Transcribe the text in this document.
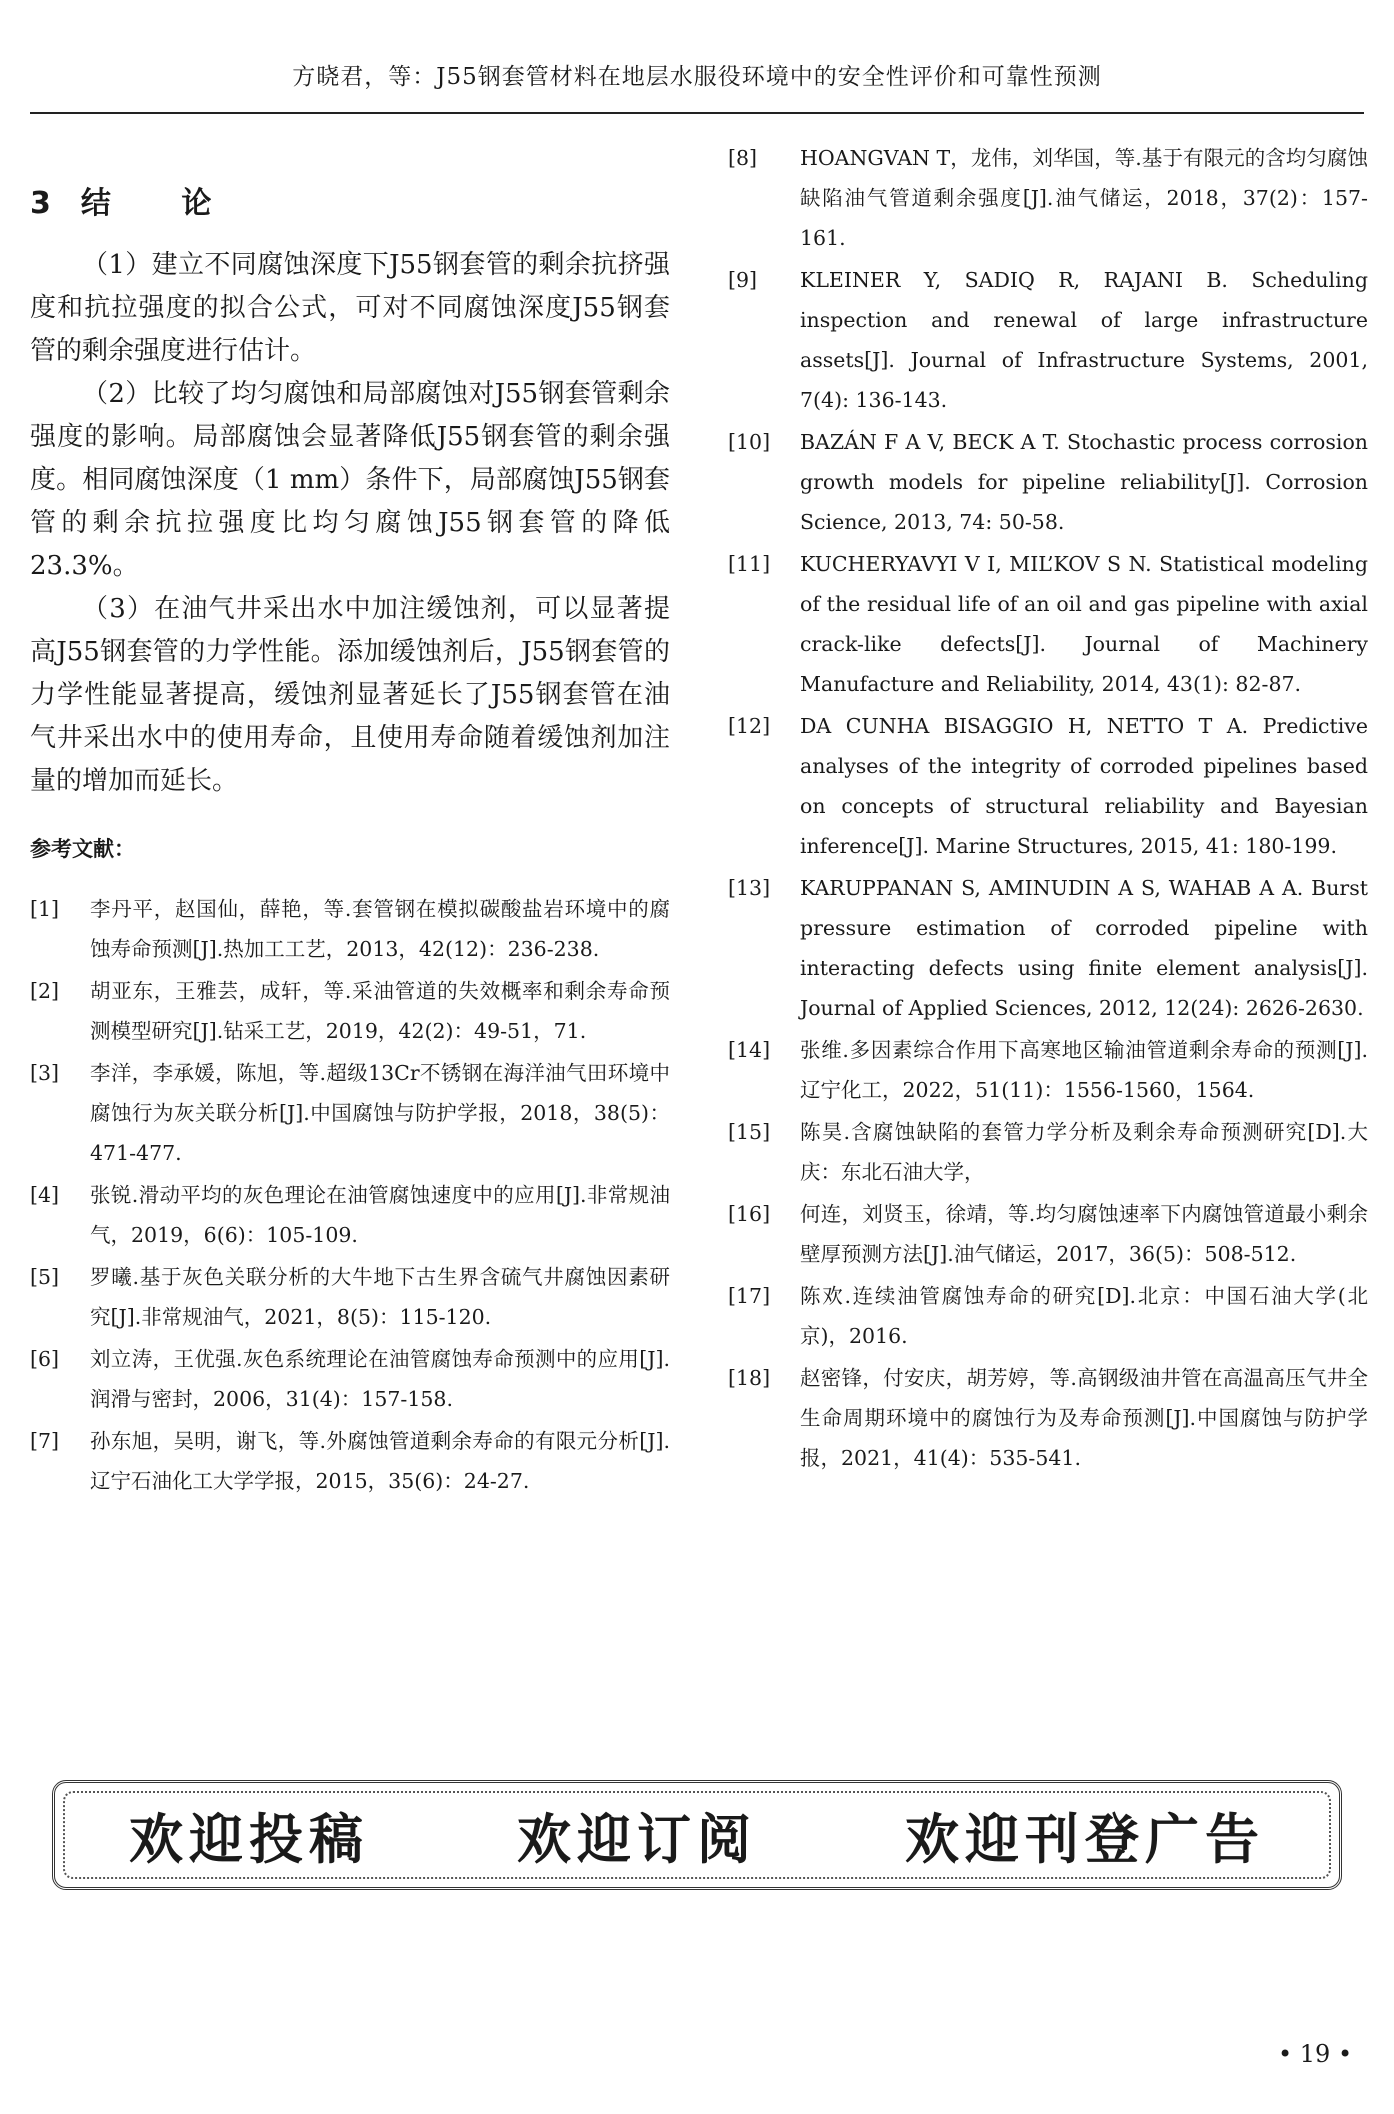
方晓君，等：J55钢套管材料在地层水服役环境中的安全性评价和可靠性预测
3 结 论

（1）建立不同腐蚀深度下J55钢套管的剩余抗挤强度和抗拉强度的拟合公式，可对不同腐蚀深度J55钢套管的剩余强度进行估计。

（2）比较了均匀腐蚀和局部腐蚀对J55钢套管剩余强度的影响。局部腐蚀会显著降低J55钢套管的剩余强度。相同腐蚀深度（1 mm）条件下，局部腐蚀J55钢套管的剩余抗拉强度比均匀腐蚀J55钢套管的降低23.3%。

（3）在油气井采出水中加注缓蚀剂，可以显著提高J55钢套管的力学性能。添加缓蚀剂后，J55钢套管的力学性能显著提高，缓蚀剂显著延长了J55钢套管在油气井采出水中的使用寿命，且使用寿命随着缓蚀剂加注量的增加而延长。

参考文献：
[1]	李丹平，赵国仙，薛艳，等.套管钢在模拟碳酸盐岩环境中的腐蚀寿命预测[J].热加工工艺，2013，42(12)：236-238.
[2]	胡亚东，王雅芸，成轩，等.采油管道的失效概率和剩余寿命预测模型研究[J].钻采工艺，2019，42(2)：49-51，71.
[3]	李洋，李承媛，陈旭，等.超级13Cr不锈钢在海洋油气田环境中腐蚀行为灰关联分析[J].中国腐蚀与防护学报，2018，38(5)：471-477.
[4]	张锐.滑动平均的灰色理论在油管腐蚀速度中的应用[J].非常规油气，2019，6(6)：105-109.
[5]	罗曦.基于灰色关联分析的大牛地下古生界含硫气井腐蚀因素研究[J].非常规油气，2021，8(5)：115-120.
[6]	刘立涛，王优强.灰色系统理论在油管腐蚀寿命预测中的应用[J].润滑与密封，2006，31(4)：157-158.
[7]	孙东旭，吴明，谢飞，等.外腐蚀管道剩余寿命的有限元分析[J].辽宁石油化工大学学报，2015，35(6)：24-27.
[8]	HOANGVAN T，龙伟，刘华国，等.基于有限元的含均匀腐蚀缺陷油气管道剩余强度[J].油气储运，2018，37(2)：157-161.
[9]	KLEINER Y, SADIQ R, RAJANI B. Scheduling inspection and renewal of large infrastructure assets[J]. Journal of Infrastructure Systems, 2001, 7(4): 136-143.
[10]	BAZÁN F A V, BECK A T. Stochastic process corrosion growth models for pipeline reliability[J]. Corrosion Science, 2013, 74: 50-58.
[11]	KUCHERYAVYI V I, MIL’KOV S N. Statistical modeling of the residual life of an oil and gas pipeline with axial crack-like defects[J]. Journal of Machinery Manufacture and Reliability, 2014, 43(1): 82-87.
[12]	DA CUNHA BISAGGIO H, NETTO T A. Predictive analyses of the integrity of corroded pipelines based on concepts of structural reliability and Bayesian inference[J]. Marine Structures, 2015, 41: 180-199.
[13]	KARUPPANAN S, AMINUDIN A S, WAHAB A A. Burst pressure estimation of corroded pipeline with interacting defects using finite element analysis[J]. Journal of Applied Sciences, 2012, 12(24): 2626-2630.
[14]	张维.多因素综合作用下高寒地区输油管道剩余寿命的预测[J].辽宁化工，2022，51(11)：1556-1560，1564.
[15]	陈昊.含腐蚀缺陷的套管力学分析及剩余寿命预测研究[D].大庆：东北石油大学，
[16]	何连，刘贤玉，徐靖，等.均匀腐蚀速率下内腐蚀管道最小剩余壁厚预测方法[J].油气储运，2017，36(5)：508-512.
[17]	陈欢.连续油管腐蚀寿命的研究[D].北京：中国石油大学(北京)，2016.
[18]	赵密锋，付安庆，胡芳婷，等.高钢级油井管在高温高压气井全生命周期环境中的腐蚀行为及寿命预测[J].中国腐蚀与防护学报，2021，41(4)：535-541.
欢迎投稿	欢迎订阅	欢迎刊登广告
• 19 •
